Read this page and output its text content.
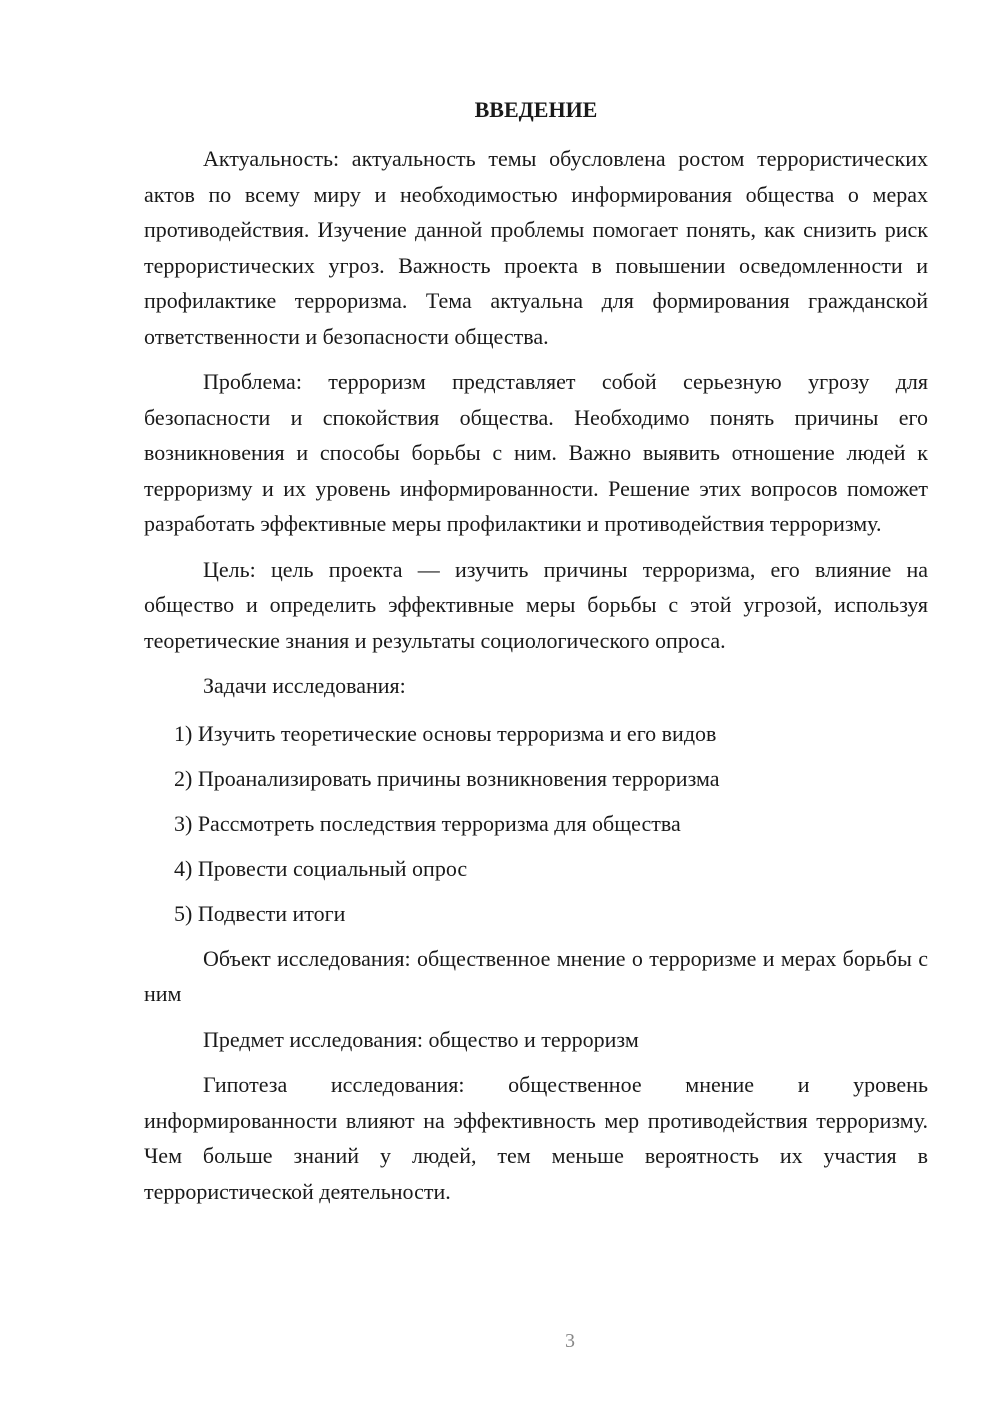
ВВЕДЕНИЕ

Актуальность: актуальность темы обусловлена ростом террористических актов по всему миру и необходимостью информирования общества о мерах противодействия. Изучение данной проблемы помогает понять, как снизить риск террористических угроз. Важность проекта в повышении осведомленности и профилактике терроризма. Тема актуальна для формирования гражданской ответственности и безопасности общества.

Проблема: терроризм представляет собой серьезную угрозу для безопасности и спокойствия общества. Необходимо понять причины его возникновения и способы борьбы с ним. Важно выявить отношение людей к терроризму и их уровень информированности. Решение этих вопросов поможет разработать эффективные меры профилактики и противодействия терроризму.

Цель: цель проекта — изучить причины терроризма, его влияние на общество и определить эффективные меры борьбы с этой угрозой, используя теоретические знания и результаты социологического опроса.

Задачи исследования:

1) Изучить теоретические основы терроризма и его видов
2) Проанализировать причины возникновения терроризма
3) Рассмотреть последствия терроризма для общества
4) Провести социальный опрос
5) Подвести итоги

Объект исследования: общественное мнение о терроризме и мерах борьбы с ним

Предмет исследования: общество и терроризм

Гипотеза исследования: общественное мнение и уровень информированности влияют на эффективность мер противодействия терроризму. Чем больше знаний у людей, тем меньше вероятность их участия в террористической деятельности.

3
